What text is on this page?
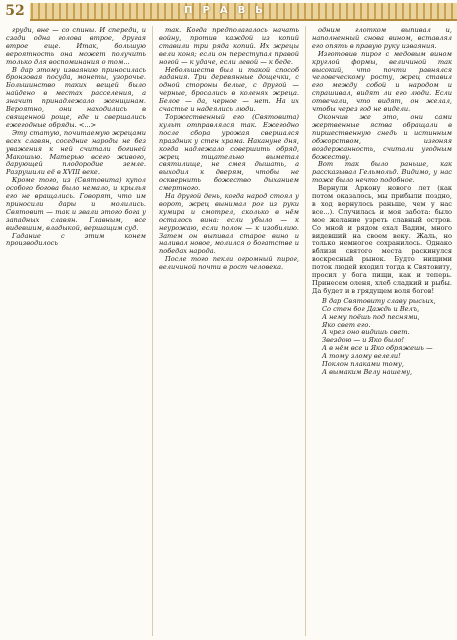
ПРАВЬ
52

груди, вне — со спины. И спереди, и сзади одна голова втрое, другая втрое еще. Итак, большую вероятность она может получить только для воспоминания о том...

В дар этому изваянию приносилась бронзовая посуда, монеты, узорочье. Большинство таких вещей было найдено в местах расселения, а значит принадлежало женщинам. Вероятно, они находились в священной роще, где и свершались ежегодные обряды. <...>

Эту статую, почитаемую жрецами всех славян, соседние народы не без уважения к ней считали богиней Макошью. Матерью всего живого, дарующей плодородие земле. Разрушили её в XVIII веке.

Кроме того, из (Святовита) купол особого богова было немало, и крылья его не вращались. Говорят, что им приносили дары и молились. Святовит — так и звали этого бога у западных славян. Главным, все видевшим, владыкой, вершащим суд.

Гадание с этим конем производилось

так. Когда предполагалось начать войну, против каждой из копий ставили три ряда копий. Их жрецы вели коня; если он переступал правой ногой — к удаче, если левой — к беде.

Небольшеств был и такой способ гадания. Три деревянные дощечки, с одной стороны белые, с другой — черные, бросались в коленях жреца. Белое — да, черное — нет. На их счастье и надеялись люди.

Торжественный его (Святовита) культ отправлялся так. Ежегодно после сбора урожая свершался праздник у стен храма. Накануне дня, когда надлежало совершить обряд, жрец тщательно выметал святилище, не смея дышать, а выходил к дверям, чтобы не осквернить божество дыханием смертного.

На другой день, когда народ стоял у ворот, жрец вынимал рог из руки кумира и смотрел, сколько в нём осталось вина: если убыло — к неурожаю, если полон — к изобилию. Затем он выпивал старое вино и наливал новое, молился о богатстве и победах народа.

После того пекли огромный пирог, величиной почти в рост человека.

одним глотком выпивал и, наполненный снова вином, вставлял его опять в правую руку изваяния.

Изготовив пирог с медовым вином круглой формы, величиной так высокий, что почти равнялся человеческому росту, жрец ставил его между собой и народом и спрашивал, видят ли его люди. Если отвечали, что видят, он желал, чтобы через год не видели.

Окончив же это, они сами жертвенные яства обращали в пиршественную снедь и истинным обжорством, изгоняя воздержанность, считали угодным божеству.

Вот так было раньше, как рассказывал Гельмольд. Видимо, у нас тоже было нечто подобное.

Вернули Аркону нового лет (как потом оказалось, мы прибыли поздно, в ход вернулось раньше, чем у нас все...). Случилась и моя забота: было мое желание узреть славный остров. Со мной и рядом ехал Вадим, много видевший на своем веку. Жаль, но только немногое сохранилось. Однако вблизи святого места раскинулся воскресный рынок. Будто нищими поток людей входил тогда к Святовиту, просил у бога пищи, как и теперь. Принесем оленя, хлеб сладкий и рыбы. Да будет и в грядущем воля богов!

В дар Святовиту славу рысьих,
Со стен бог Даждь и Велъ,
А нему поёшь под песнями,
Яко свет его.
А чрез оно видишь свет.
Звездою — и Яко было!
А в нём все и Яко обряжешь —
А тому злому велели!
Поклон плаками тому,
А вымаким Велу нашему,
